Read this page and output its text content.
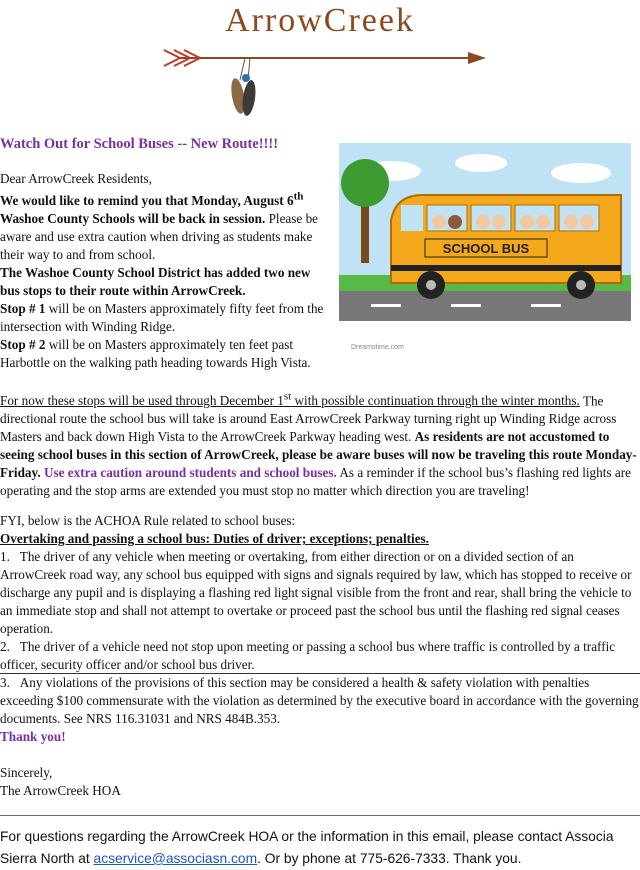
ArrowCreek
Watch Out for School Buses -- New Route!!!!
SCHOOL BUS
Dreamstime.com
Dear ArrowCreek Residents,
We would like to remind you that Monday, August 6th Washoe County Schools will be back in session. Please be aware and use extra caution when driving as students make their way to and from school.
The Washoe County School District has added two new bus stops to their route within ArrowCreek.
Stop # 1 will be on Masters approximately fifty feet from the intersection with Winding Ridge.
Stop # 2 will be on Masters approximately ten feet past Harbottle on the walking path heading towards High Vista.
For now these stops will be used through December 1st with possible continuation through the winter months. The directional route the school bus will take is around East ArrowCreek Parkway turning right up Winding Ridge across Masters and back down High Vista to the ArrowCreek Parkway heading west. As residents are not accustomed to seeing school buses in this section of ArrowCreek, please be aware buses will now be traveling this route Monday-Friday. Use extra caution around students and school buses. As a reminder if the school bus’s flashing red lights are operating and the stop arms are extended you must stop no matter which direction you are traveling!
FYI, below is the ACHOA Rule related to school buses:
Overtaking and passing a school bus: Duties of driver; exceptions; penalties.
1. The driver of any vehicle when meeting or overtaking, from either direction or on a divided section of an ArrowCreek road way, any school bus equipped with signs and signals required by law, which has stopped to receive or discharge any pupil and is displaying a flashing red light signal visible from the front and rear, shall bring the vehicle to an immediate stop and shall not attempt to overtake or proceed past the school bus until the flashing red signal ceases operation.
2. The driver of a vehicle need not stop upon meeting or passing a school bus where traffic is controlled by a traffic officer, security officer and/or school bus driver.
3. Any violations of the provisions of this section may be considered a health & safety violation with penalties exceeding $100 commensurate with the violation as determined by the executive board in accordance with the governing documents. See NRS 116.31031 and NRS 484B.353.
Thank you!
Sincerely,
The ArrowCreek HOA
For questions regarding the ArrowCreek HOA or the information in this email, please contact Associa Sierra North at acservice@associasn.com. Or by phone at 775-626-7333. Thank you.
